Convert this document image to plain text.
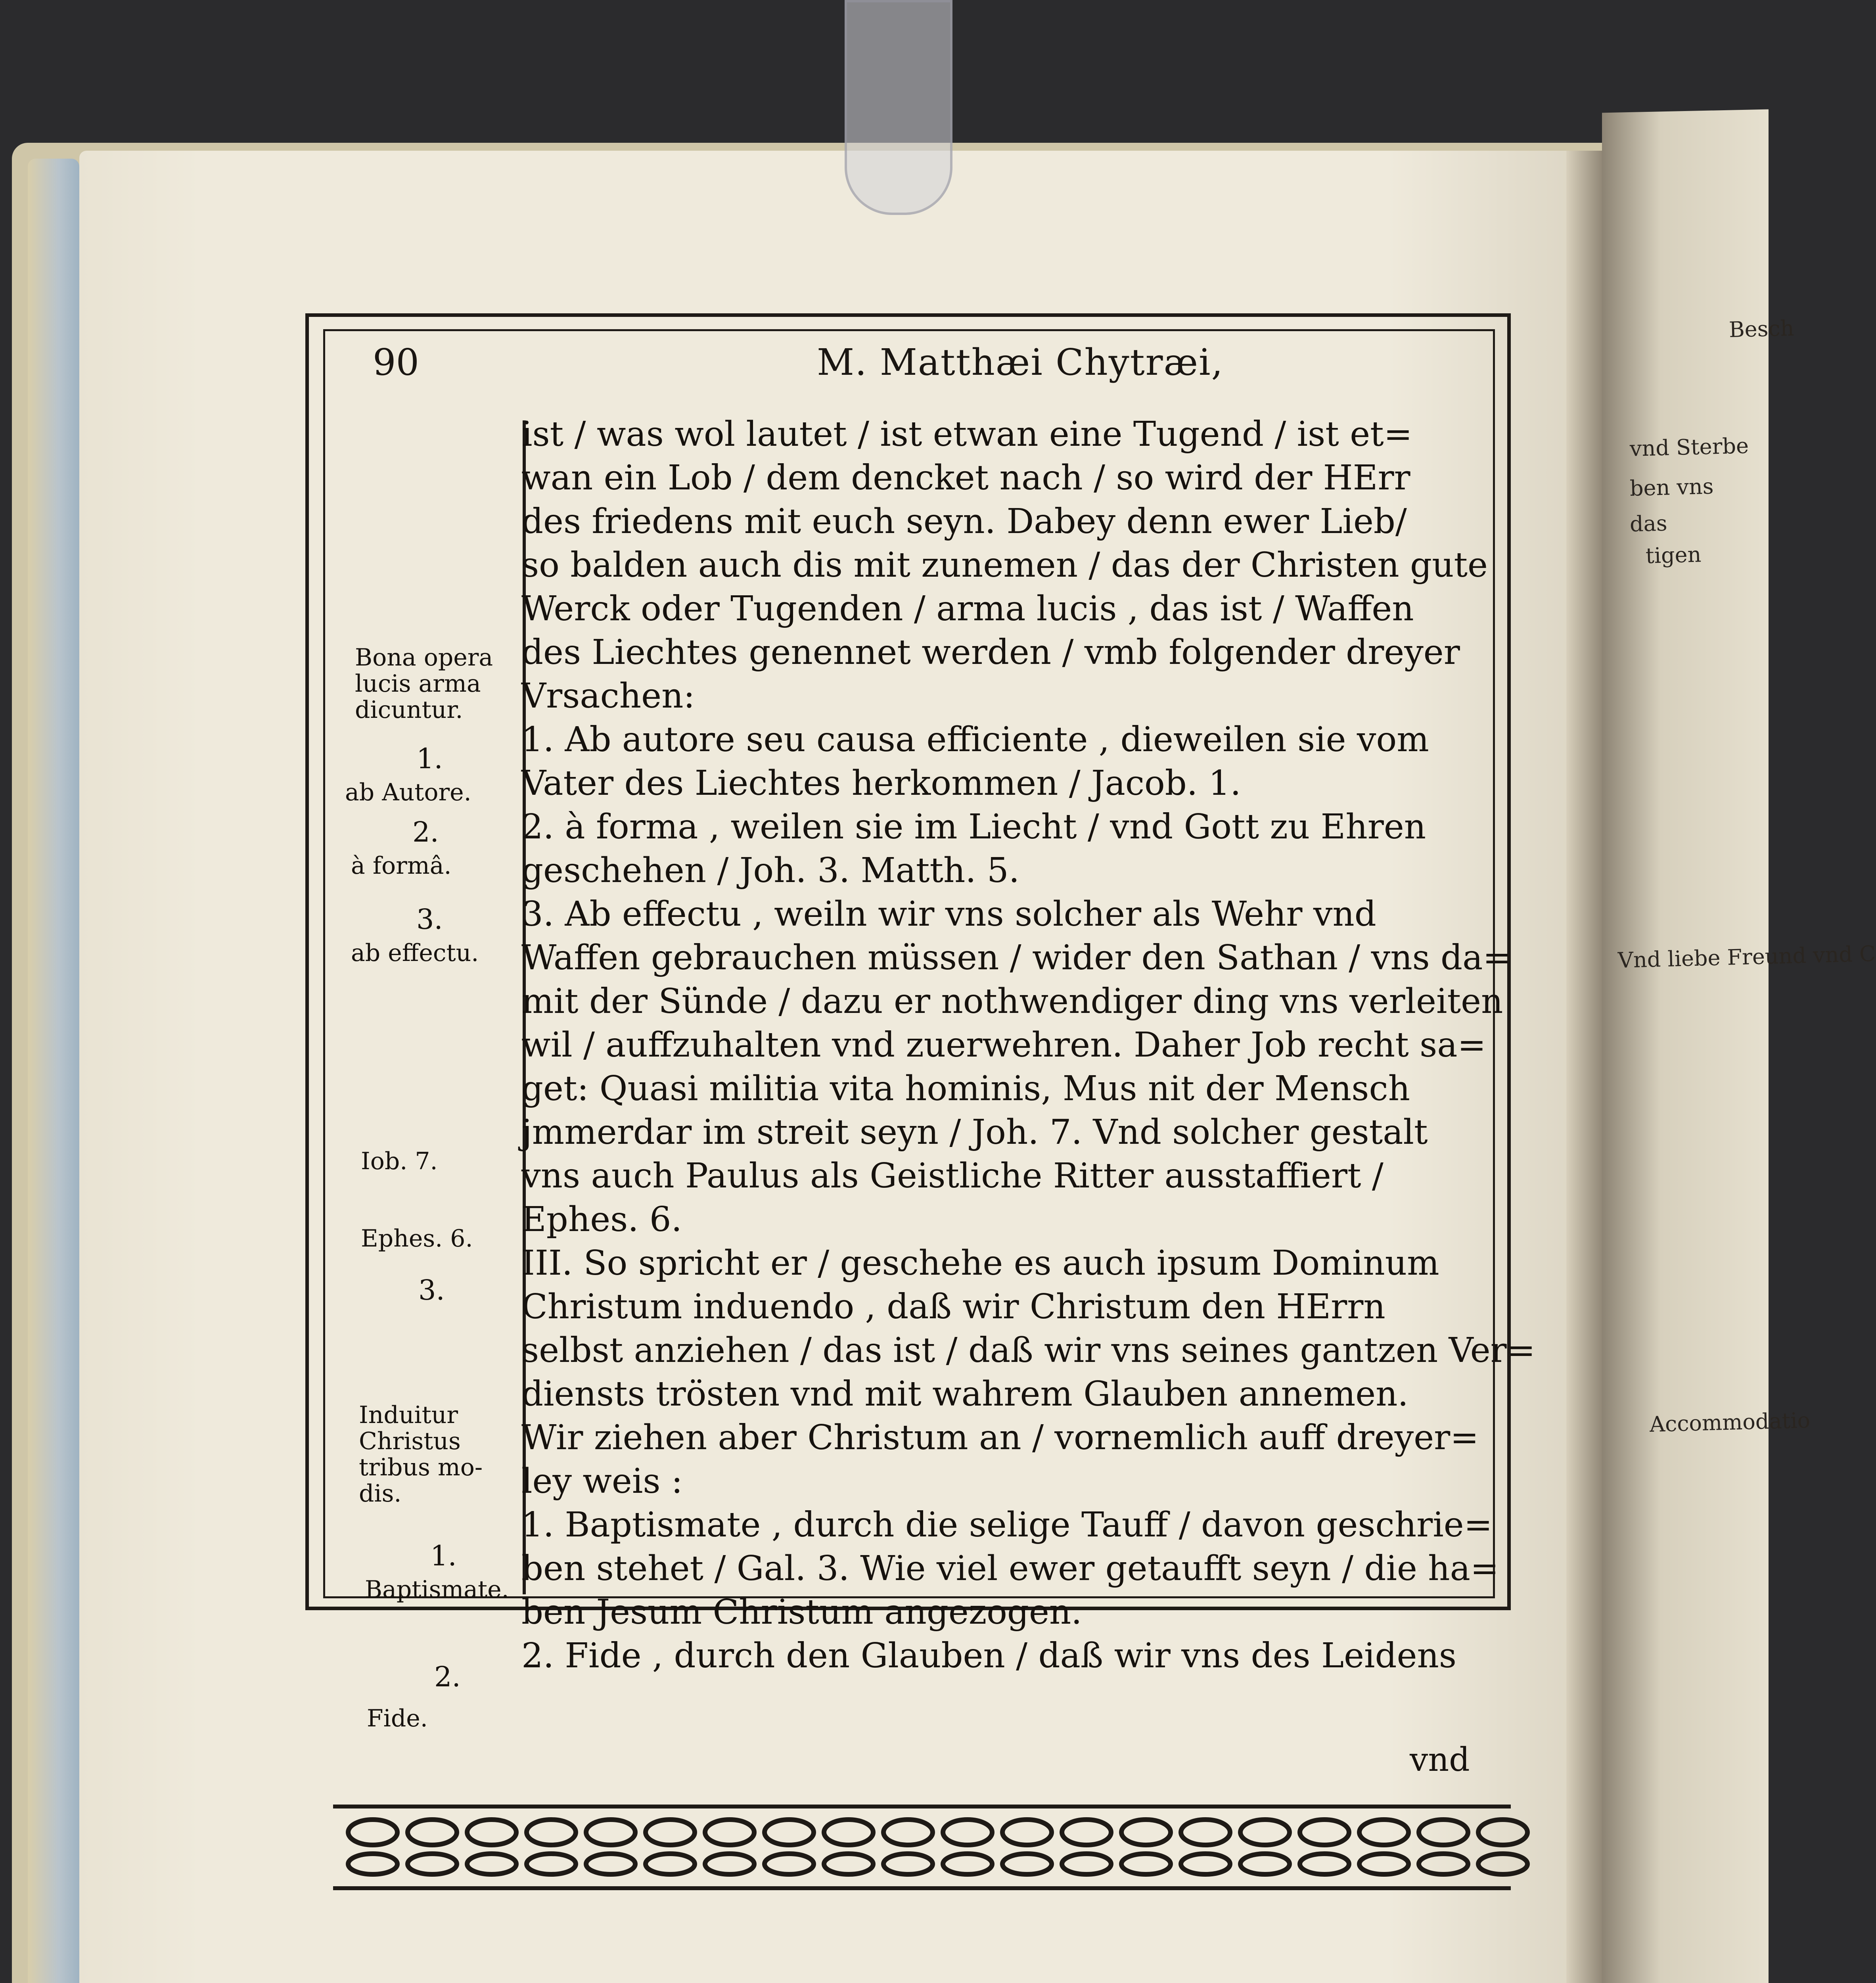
90	M. Matthæi Chytræi,
ist / was wol lautet / ist etwan eine Tugend / ist et=
wan ein Lob / dem dencket nach / so wird der HErr
des friedens mit euch seyn. Dabey denn ewer Lieb/
so balden auch dis mit zunemen / das der Christen gute
Werck oder Tugenden / arma lucis , das ist / Waffen
des Liechtes genennet werden / vmb folgender dreyer
Vrsachen:
1. Ab autore seu causa efficiente , dieweilen sie vom
Vater des Liechtes herkommen / Jacob. 1.
2. à forma , weilen sie im Liecht / vnd Gott zu Ehren
geschehen / Joh. 3. Matth. 5.
3. Ab effectu , weiln wir vns solcher als Wehr vnd
Waffen gebrauchen müssen / wider den Sathan / vns da=
mit der Sünde / dazu er nothwendiger ding vns verleiten
wil / auffzuhalten vnd zuerwehren. Daher Job recht sa=
get: Quasi militia vita hominis, Mus nit der Mensch
jmmerdar im streit seyn / Joh. 7. Vnd solcher gestalt
vns auch Paulus als Geistliche Ritter ausstaffiert /
Ephes. 6.
III. So spricht er / geschehe es auch ipsum Dominum
Christum induendo , daß wir Christum den HErrn
selbst anziehen / das ist / daß wir vns seines gantzen Ver=
diensts trösten vnd mit wahrem Glauben annemen.
Wir ziehen aber Christum an / vornemlich auff dreyer=
ley weis :
1. Baptismate , durch die selige Tauff / davon geschrie=
ben stehet / Gal. 3. Wie viel ewer getaufft seyn / die ha=
ben Jesum Christum angezogen.
2. Fide , durch den Glauben / daß wir vns des Leidens
Bona opera
lucis arma
dicuntur.
1.
ab Autore.
2.
à formâ.
3.
ab effectu.
Iob. 7.
Ephes. 6.
3.
Induitur
Christus
tribus mo-
dis.
1.
Baptismate.
2.
Fide.
vnd
Besch
vnd Sterbe
ben vns
das
tigen
Vnd liebe Freund vnd C
Accommodatio
